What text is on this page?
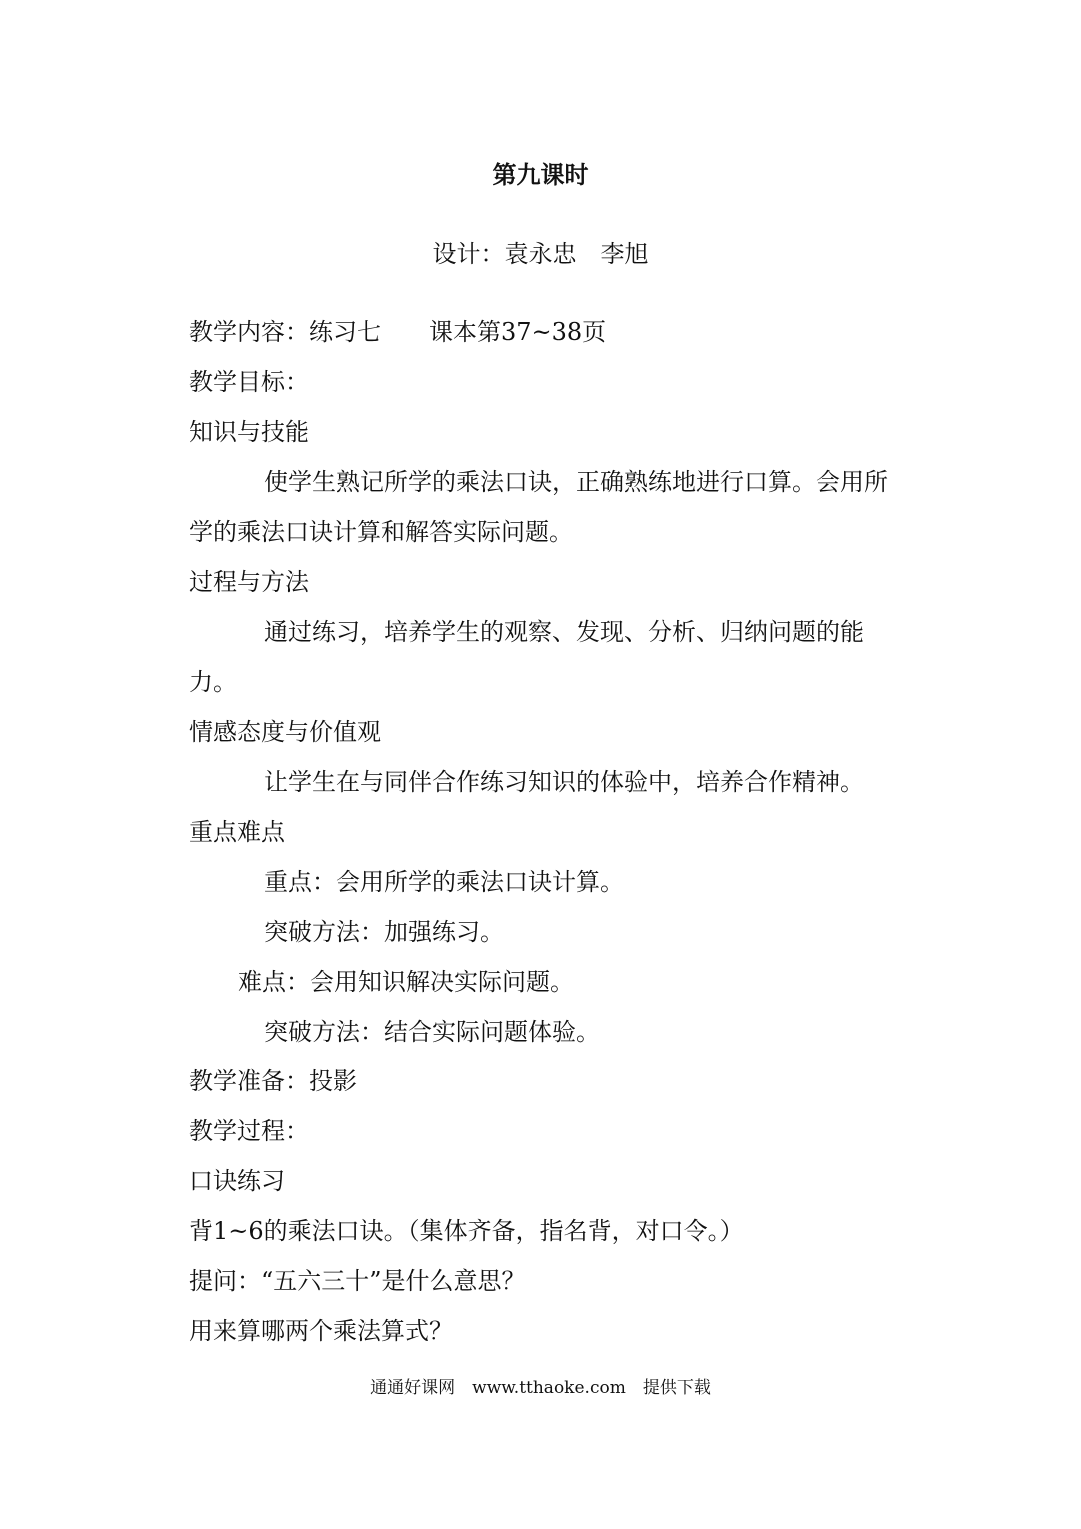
第九课时
设计：袁永忠　李旭
教学内容：练习七　　课本第37~38页
教学目标：
知识与技能
使学生熟记所学的乘法口诀，正确熟练地进行口算。会用所学的乘法口诀计算和解答实际问题。
过程与方法
通过练习，培养学生的观察、发现、分析、归纳问题的能力。
情感态度与价值观
让学生在与同伴合作练习知识的体验中，培养合作精神。
重点难点
重点：会用所学的乘法口诀计算。
突破方法：加强练习。
难点：会用知识解决实际问题。
突破方法：结合实际问题体验。
教学准备：投影
教学过程：
口诀练习
背1~6的乘法口诀。（集体齐备，指名背，对口令。）
提问：“五六三十”是什么意思？
用来算哪两个乘法算式？
通通好课网　www.tthaoke.com　提供下载
